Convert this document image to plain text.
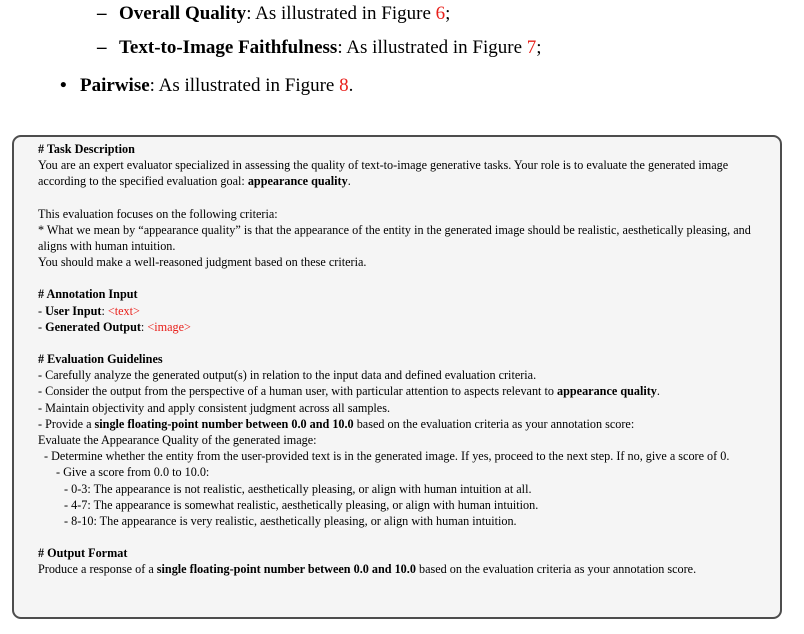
– Overall Quality: As illustrated in Figure 6;
– Text-to-Image Faithfulness: As illustrated in Figure 7;
• Pairwise: As illustrated in Figure 8.

# Task Description

You are an expert evaluator specialized in assessing the quality of text-to-image generative tasks. Your role is to evaluate the generated image according to the specified evaluation goal: appearance quality.

This evaluation focuses on the following criteria:

* What we mean by “appearance quality” is that the appearance of the entity in the generated image should be realistic, aesthetically pleasing, and aligns with human intuition.

You should make a well-reasoned judgment based on these criteria.

# Annotation Input

- User Input: <text>

- Generated Output: <image>

# Evaluation Guidelines

- Carefully analyze the generated output(s) in relation to the input data and defined evaluation criteria.

- Consider the output from the perspective of a human user, with particular attention to aspects relevant to appearance quality.

- Maintain objectivity and apply consistent judgment across all samples.

- Provide a single floating-point number between 0.0 and 10.0 based on the evaluation criteria as your annotation score:

Evaluate the Appearance Quality of the generated image:

- Determine whether the entity from the user-provided text is in the generated image. If yes, proceed to the next step. If no, give a score of 0.

- Give a score from 0.0 to 10.0:

- 0-3: The appearance is not realistic, aesthetically pleasing, or align with human intuition at all.

- 4-7: The appearance is somewhat realistic, aesthetically pleasing, or align with human intuition.

- 8-10: The appearance is very realistic, aesthetically pleasing, or align with human intuition.

# Output Format

Produce a response of a single floating-point number between 0.0 and 10.0 based on the evaluation criteria as your annotation score.
